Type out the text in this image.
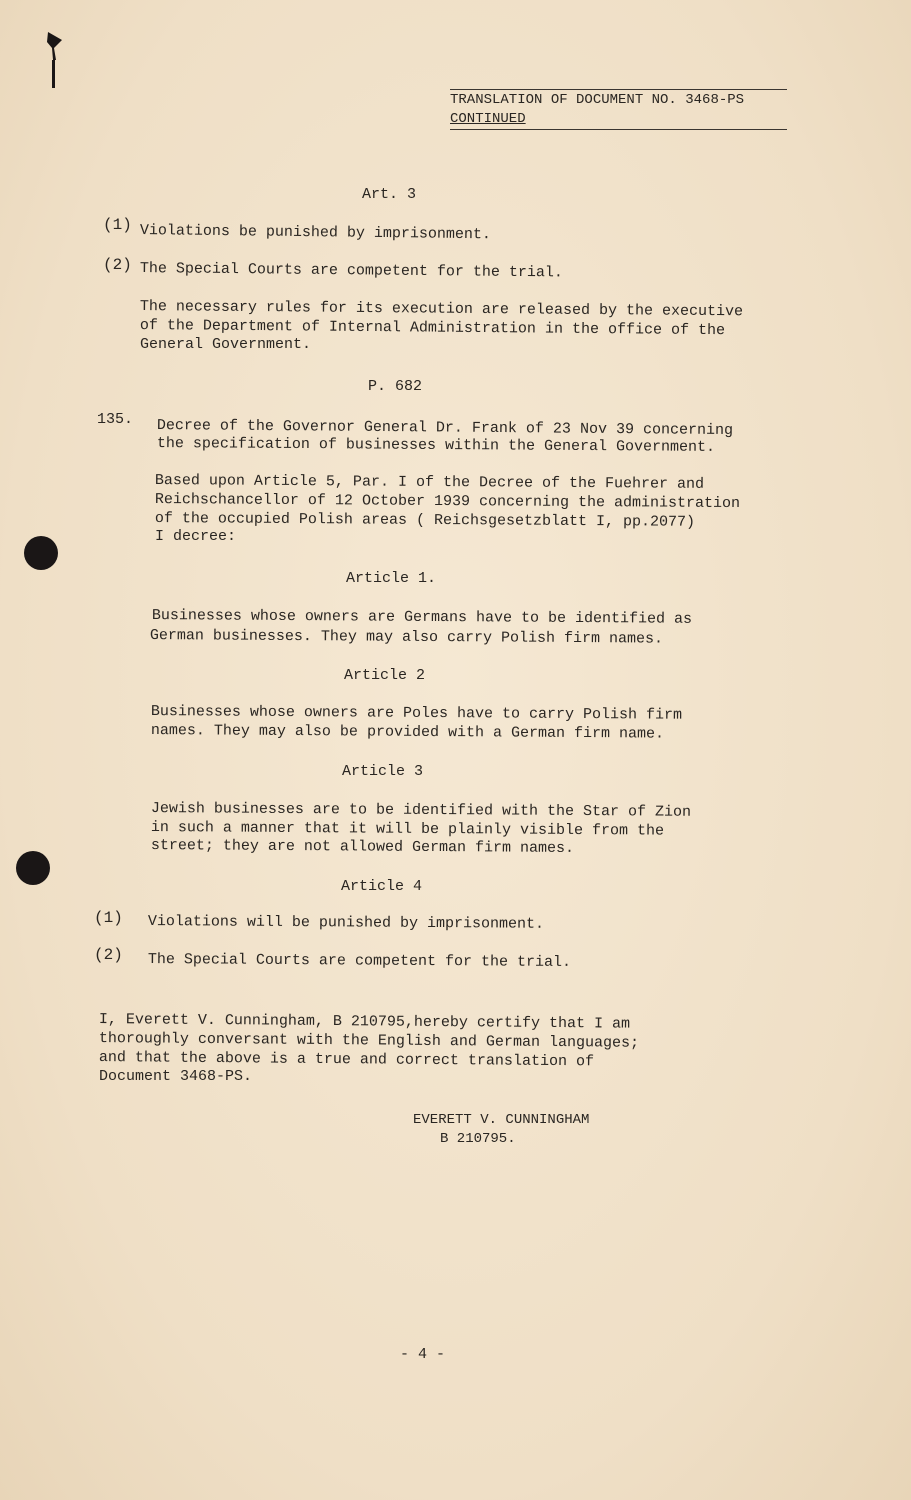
TRANSLATION OF DOCUMENT NO. 3468-PS
CONTINUED
Art. 3
(1) Violations be punished by imprisonment.
(2) The Special Courts are competent for the trial.
The necessary rules for its execution are released by the executive
of the Department of Internal Administration in the office of the
General Government.
P. 682
135. Decree of the Governor General Dr. Frank of 23 Nov 39 concerning
the specification of businesses within the General Government.
Based upon Article 5, Par. I of the Decree of the Fuehrer and
Reichschancellor of 12 October 1939 concerning the administration
of the occupied Polish areas ( Reichsgesetzblatt I, pp.2077)
I decree:
Article 1.
Businesses whose owners are Germans have to be identified as
German businesses. They may also carry Polish firm names.
Article 2
Businesses whose owners are Poles have to carry Polish firm
names. They may also be provided with a German firm name.
Article 3
Jewish businesses are to be identified with the Star of Zion
in such a manner that it will be plainly visible from the
street; they are not allowed German firm names.
Article 4
(1) Violations will be punished by imprisonment.
(2) The Special Courts are competent for the trial.
I, Everett V. Cunningham, B 210795,hereby certify that I am
thoroughly conversant with the English and German languages;
and that the above is a true and correct translation of
Document 3468-PS.
EVERETT V. CUNNINGHAM
B 210795.
- 4 -
